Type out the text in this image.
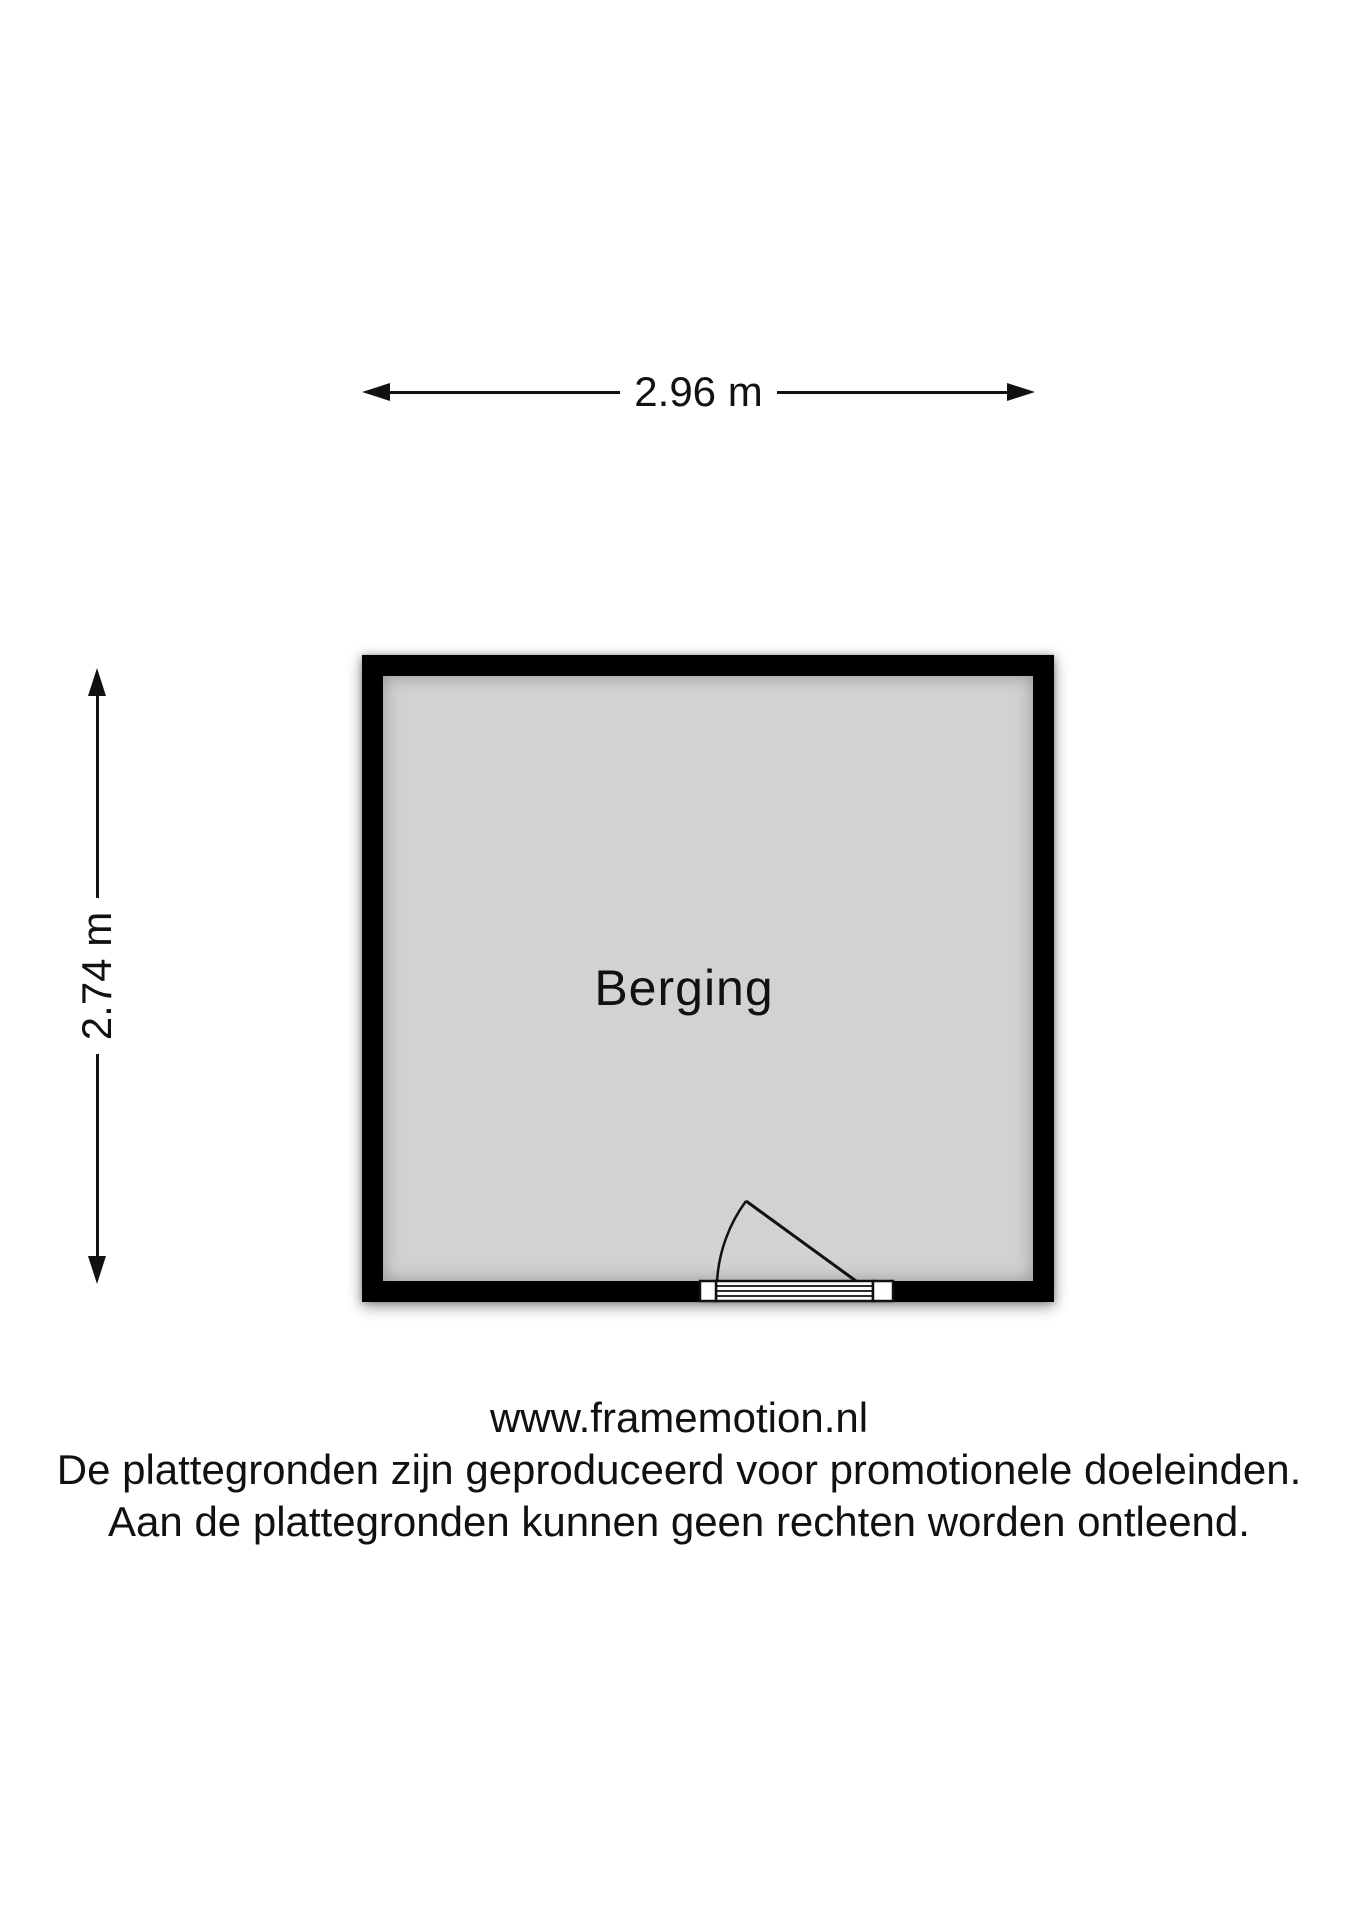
2.96 m
2.74 m	Berging
www.framemotion.nl
De plattegronden zijn geproduceerd voor promotionele doeleinden.
Aan de plattegronden kunnen geen rechten worden ontleend.
